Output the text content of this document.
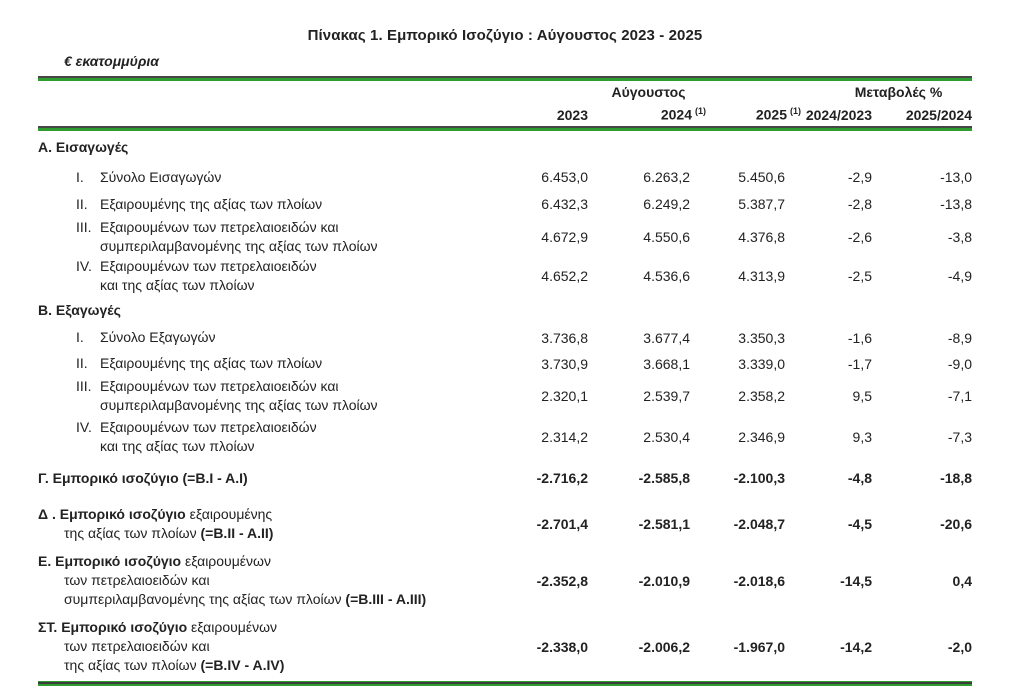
Πίνακας 1. Εμπορικό Ισοζύγιο : Αύγουστος 2023 - 2025
€ εκατομμύρια

	Αύγουστος			Μεταβολές %	
	2023	2024 $^{(1)}$	2025 $^{(1)}$	2024/2023	2025/2024

Α. Εισαγωγές					
I. Σύνολο Εισαγωγών	6.453,0	6.263,2	5.450,6	-2,9	-13,0
II. Εξαιρουμένης της αξίας των πλοίων	6.432,3	6.249,2	5.387,7	-2,8	-13,8
III. Εξαιρουμένων των πετρελαιοειδών και
συμπεριλαμβανομένης της αξίας των πλοίων	4.672,9	4.550,6	4.376,8	-2,6	-3,8
IV. Εξαιρουμένων των πετρελαιοειδών
και της αξίας των πλοίων	4.652,2	4.536,6	4.313,9	-2,5	-4,9
Β. Εξαγωγές					
I. Σύνολο Εξαγωγών	3.736,8	3.677,4	3.350,3	-1,6	-8,9
II. Εξαιρουμένης της αξίας των πλοίων	3.730,9	3.668,1	3.339,0	-1,7	-9,0
III. Εξαιρουμένων των πετρελαιοειδών και
συμπεριλαμβανομένης της αξίας των πλοίων	2.320,1	2.539,7	2.358,2	9,5	-7,1
IV. Εξαιρουμένων των πετρελαιοειδών
και της αξίας των πλοίων	2.314,2	2.530,4	2.346,9	9,3	-7,3

Γ. Εμπορικό ισοζύγιο (=B.I - A.I)	-2.716,2	-2.585,8	-2.100,3	-4,8	-18,8

Δ . Εμπορικό ισοζύγιο εξαιρουμένης
της αξίας των πλοίων (=B.II - A.II)	-2.701,4	-2.581,1	-2.048,7	-4,5	-20,6

Ε. Εμπορικό ισοζύγιο εξαιρουμένων
των πετρελαιοειδών και
συμπεριλαμβανομένης της αξίας των πλοίων (=B.III - A.III)	-2.352,8	-2.010,9	-2.018,6	-14,5	0,4

ΣΤ. Εμπορικό ισοζύγιο εξαιρουμένων
των πετρελαιοειδών και
της αξίας των πλοίων (=B.IV - A.IV)	-2.338,0	-2.006,2	-1.967,0	-14,2	-2,0
